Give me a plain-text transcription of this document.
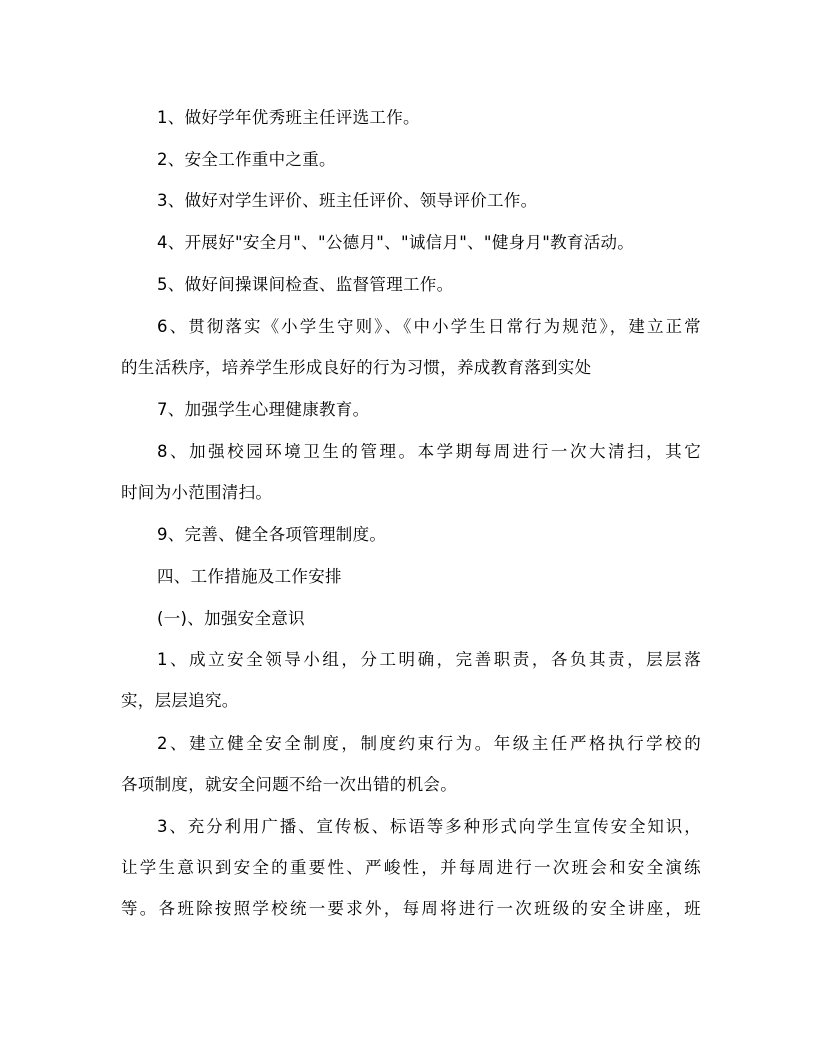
1、做好学年优秀班主任评选工作。

2、安全工作重中之重。

3、做好对学生评价、班主任评价、领导评价工作。

4、开展好"安全月"、"公德月"、"诚信月"、"健身月"教育活动。

5、做好间操课间检查、监督管理工作。

6、贯彻落实《小学生守则》、《中小学生日常行为规范》，建立正常
的生活秩序，培养学生形成良好的行为习惯，养成教育落到实处

7、加强学生心理健康教育。

8、加强校园环境卫生的管理。本学期每周进行一次大清扫，其它
时间为小范围清扫。

9、完善、健全各项管理制度。

四、工作措施及工作安排

(一)、加强安全意识

1、成立安全领导小组，分工明确，完善职责，各负其责，层层落
实，层层追究。

2、建立健全安全制度，制度约束行为。年级主任严格执行学校的
各项制度，就安全问题不给一次出错的机会。

3、充分利用广播、宣传板、标语等多种形式向学生宣传安全知识，
让学生意识到安全的重要性、严峻性，并每周进行一次班会和安全演练
等。各班除按照学校统一要求外，每周将进行一次班级的安全讲座，班
